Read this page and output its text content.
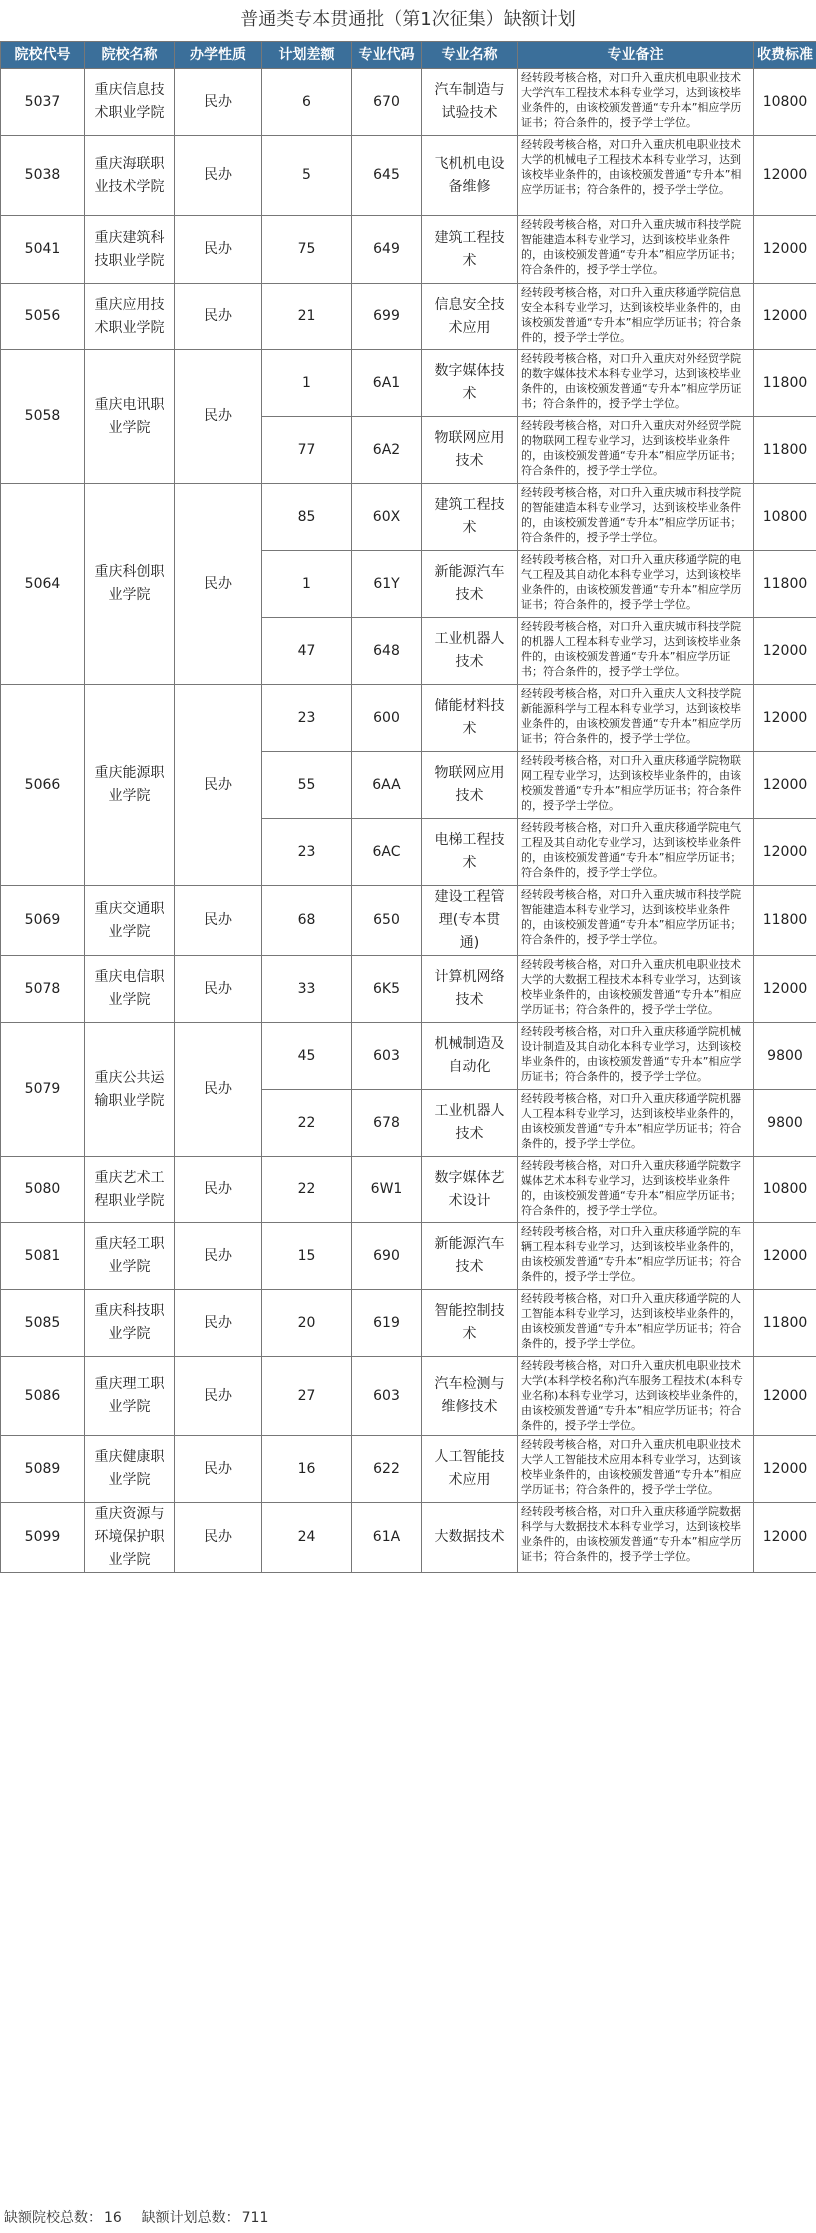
普通类专本贯通批（第1次征集）缺额计划
院校代号	院校名称	办学性质	计划差额	专业代码	专业名称	专业备注	收费标准
5037	重庆信息技术职业学院	民办	6	670	汽车制造与试验技术	经转段考核合格，对口升入重庆机电职业技术大学汽车工程技术本科专业学习，达到该校毕业条件的，由该校颁发普通“专升本”相应学历证书；符合条件的，授予学士学位。	10800
5038	重庆海联职业技术学院	民办	5	645	飞机机电设备维修	经转段考核合格，对口升入重庆机电职业技术大学的机械电子工程技术本科专业学习，达到该校毕业条件的，由该校颁发普通“专升本”相应学历证书；符合条件的，授予学士学位。	12000
5041	重庆建筑科技职业学院	民办	75	649	建筑工程技术	经转段考核合格，对口升入重庆城市科技学院智能建造本科专业学习，达到该校毕业条件的，由该校颁发普通“专升本”相应学历证书；符合条件的，授予学士学位。	12000
5056	重庆应用技术职业学院	民办	21	699	信息安全技术应用	经转段考核合格，对口升入重庆移通学院信息安全本科专业学习，达到该校毕业条件的，由该校颁发普通“专升本”相应学历证书；符合条件的，授予学士学位。	12000
5058	重庆电讯职业学院	民办	1	6A1	数字媒体技术	经转段考核合格，对口升入重庆对外经贸学院的数字媒体技术本科专业学习，达到该校毕业条件的，由该校颁发普通“专升本”相应学历证书；符合条件的，授予学士学位。	11800
			77	6A2	物联网应用技术	经转段考核合格，对口升入重庆对外经贸学院的物联网工程专业学习，达到该校毕业条件的，由该校颁发普通“专升本”相应学历证书；符合条件的，授予学士学位。	11800
5064	重庆科创职业学院	民办	85	60X	建筑工程技术	经转段考核合格，对口升入重庆城市科技学院的智能建造本科专业学习，达到该校毕业条件的，由该校颁发普通“专升本”相应学历证书；符合条件的，授予学士学位。	10800
			1	61Y	新能源汽车技术	经转段考核合格，对口升入重庆移通学院的电气工程及其自动化本科专业学习，达到该校毕业条件的，由该校颁发普通“专升本”相应学历证书；符合条件的，授予学士学位。	11800
			47	648	工业机器人技术	经转段考核合格，对口升入重庆城市科技学院的机器人工程本科专业学习，达到该校毕业条件的，由该校颁发普通“专升本”相应学历证书；符合条件的，授予学士学位。	12000
5066	重庆能源职业学院	民办	23	600	储能材料技术	经转段考核合格，对口升入重庆人文科技学院新能源科学与工程本科专业学习，达到该校毕业条件的，由该校颁发普通“专升本”相应学历证书；符合条件的，授予学士学位。	12000
			55	6AA	物联网应用技术	经转段考核合格，对口升入重庆移通学院物联网工程专业学习，达到该校毕业条件的，由该校颁发普通“专升本”相应学历证书；符合条件的，授予学士学位。	12000
			23	6AC	电梯工程技术	经转段考核合格，对口升入重庆移通学院电气工程及其自动化专业学习，达到该校毕业条件的，由该校颁发普通“专升本”相应学历证书；符合条件的，授予学士学位。	12000
5069	重庆交通职业学院	民办	68	650	建设工程管理(专本贯通)	经转段考核合格，对口升入重庆城市科技学院智能建造本科专业学习，达到该校毕业条件的，由该校颁发普通“专升本”相应学历证书；符合条件的，授予学士学位。	11800
5078	重庆电信职业学院	民办	33	6K5	计算机网络技术	经转段考核合格，对口升入重庆机电职业技术大学的大数据工程技术本科专业学习，达到该校毕业条件的，由该校颁发普通“专升本”相应学历证书；符合条件的，授予学士学位。	12000
5079	重庆公共运输职业学院	民办	45	603	机械制造及自动化	经转段考核合格，对口升入重庆移通学院机械设计制造及其自动化本科专业学习，达到该校毕业条件的，由该校颁发普通“专升本”相应学历证书；符合条件的，授予学士学位。	9800
			22	678	工业机器人技术	经转段考核合格，对口升入重庆移通学院机器人工程本科专业学习，达到该校毕业条件的，由该校颁发普通“专升本”相应学历证书；符合条件的，授予学士学位。	9800
5080	重庆艺术工程职业学院	民办	22	6W1	数字媒体艺术设计	经转段考核合格，对口升入重庆移通学院数字媒体艺术本科专业学习，达到该校毕业条件的，由该校颁发普通“专升本”相应学历证书；符合条件的，授予学士学位。	10800
5081	重庆轻工职业学院	民办	15	690	新能源汽车技术	经转段考核合格，对口升入重庆移通学院的车辆工程本科专业学习，达到该校毕业条件的，由该校颁发普通“专升本”相应学历证书；符合条件的，授予学士学位。	12000
5085	重庆科技职业学院	民办	20	619	智能控制技术	经转段考核合格，对口升入重庆移通学院的人工智能本科专业学习，达到该校毕业条件的，由该校颁发普通“专升本”相应学历证书；符合条件的，授予学士学位。	11800
5086	重庆理工职业学院	民办	27	603	汽车检测与维修技术	经转段考核合格，对口升入重庆机电职业技术大学(本科学校名称)汽车服务工程技术(本科专业名称)本科专业学习，达到该校毕业条件的，由该校颁发普通“专升本”相应学历证书；符合条件的，授予学士学位。	12000
5089	重庆健康职业学院	民办	16	622	人工智能技术应用	经转段考核合格，对口升入重庆机电职业技术大学人工智能技术应用本科专业学习，达到该校毕业条件的，由该校颁发普通“专升本”相应学历证书；符合条件的，授予学士学位。	12000
5099	重庆资源与环境保护职业学院	民办	24	61A	大数据技术	经转段考核合格，对口升入重庆移通学院数据科学与大数据技术本科专业学习，达到该校毕业条件的，由该校颁发普通“专升本”相应学历证书；符合条件的，授予学士学位。	12000
缺额院校总数： 16 缺额计划总数： 711
